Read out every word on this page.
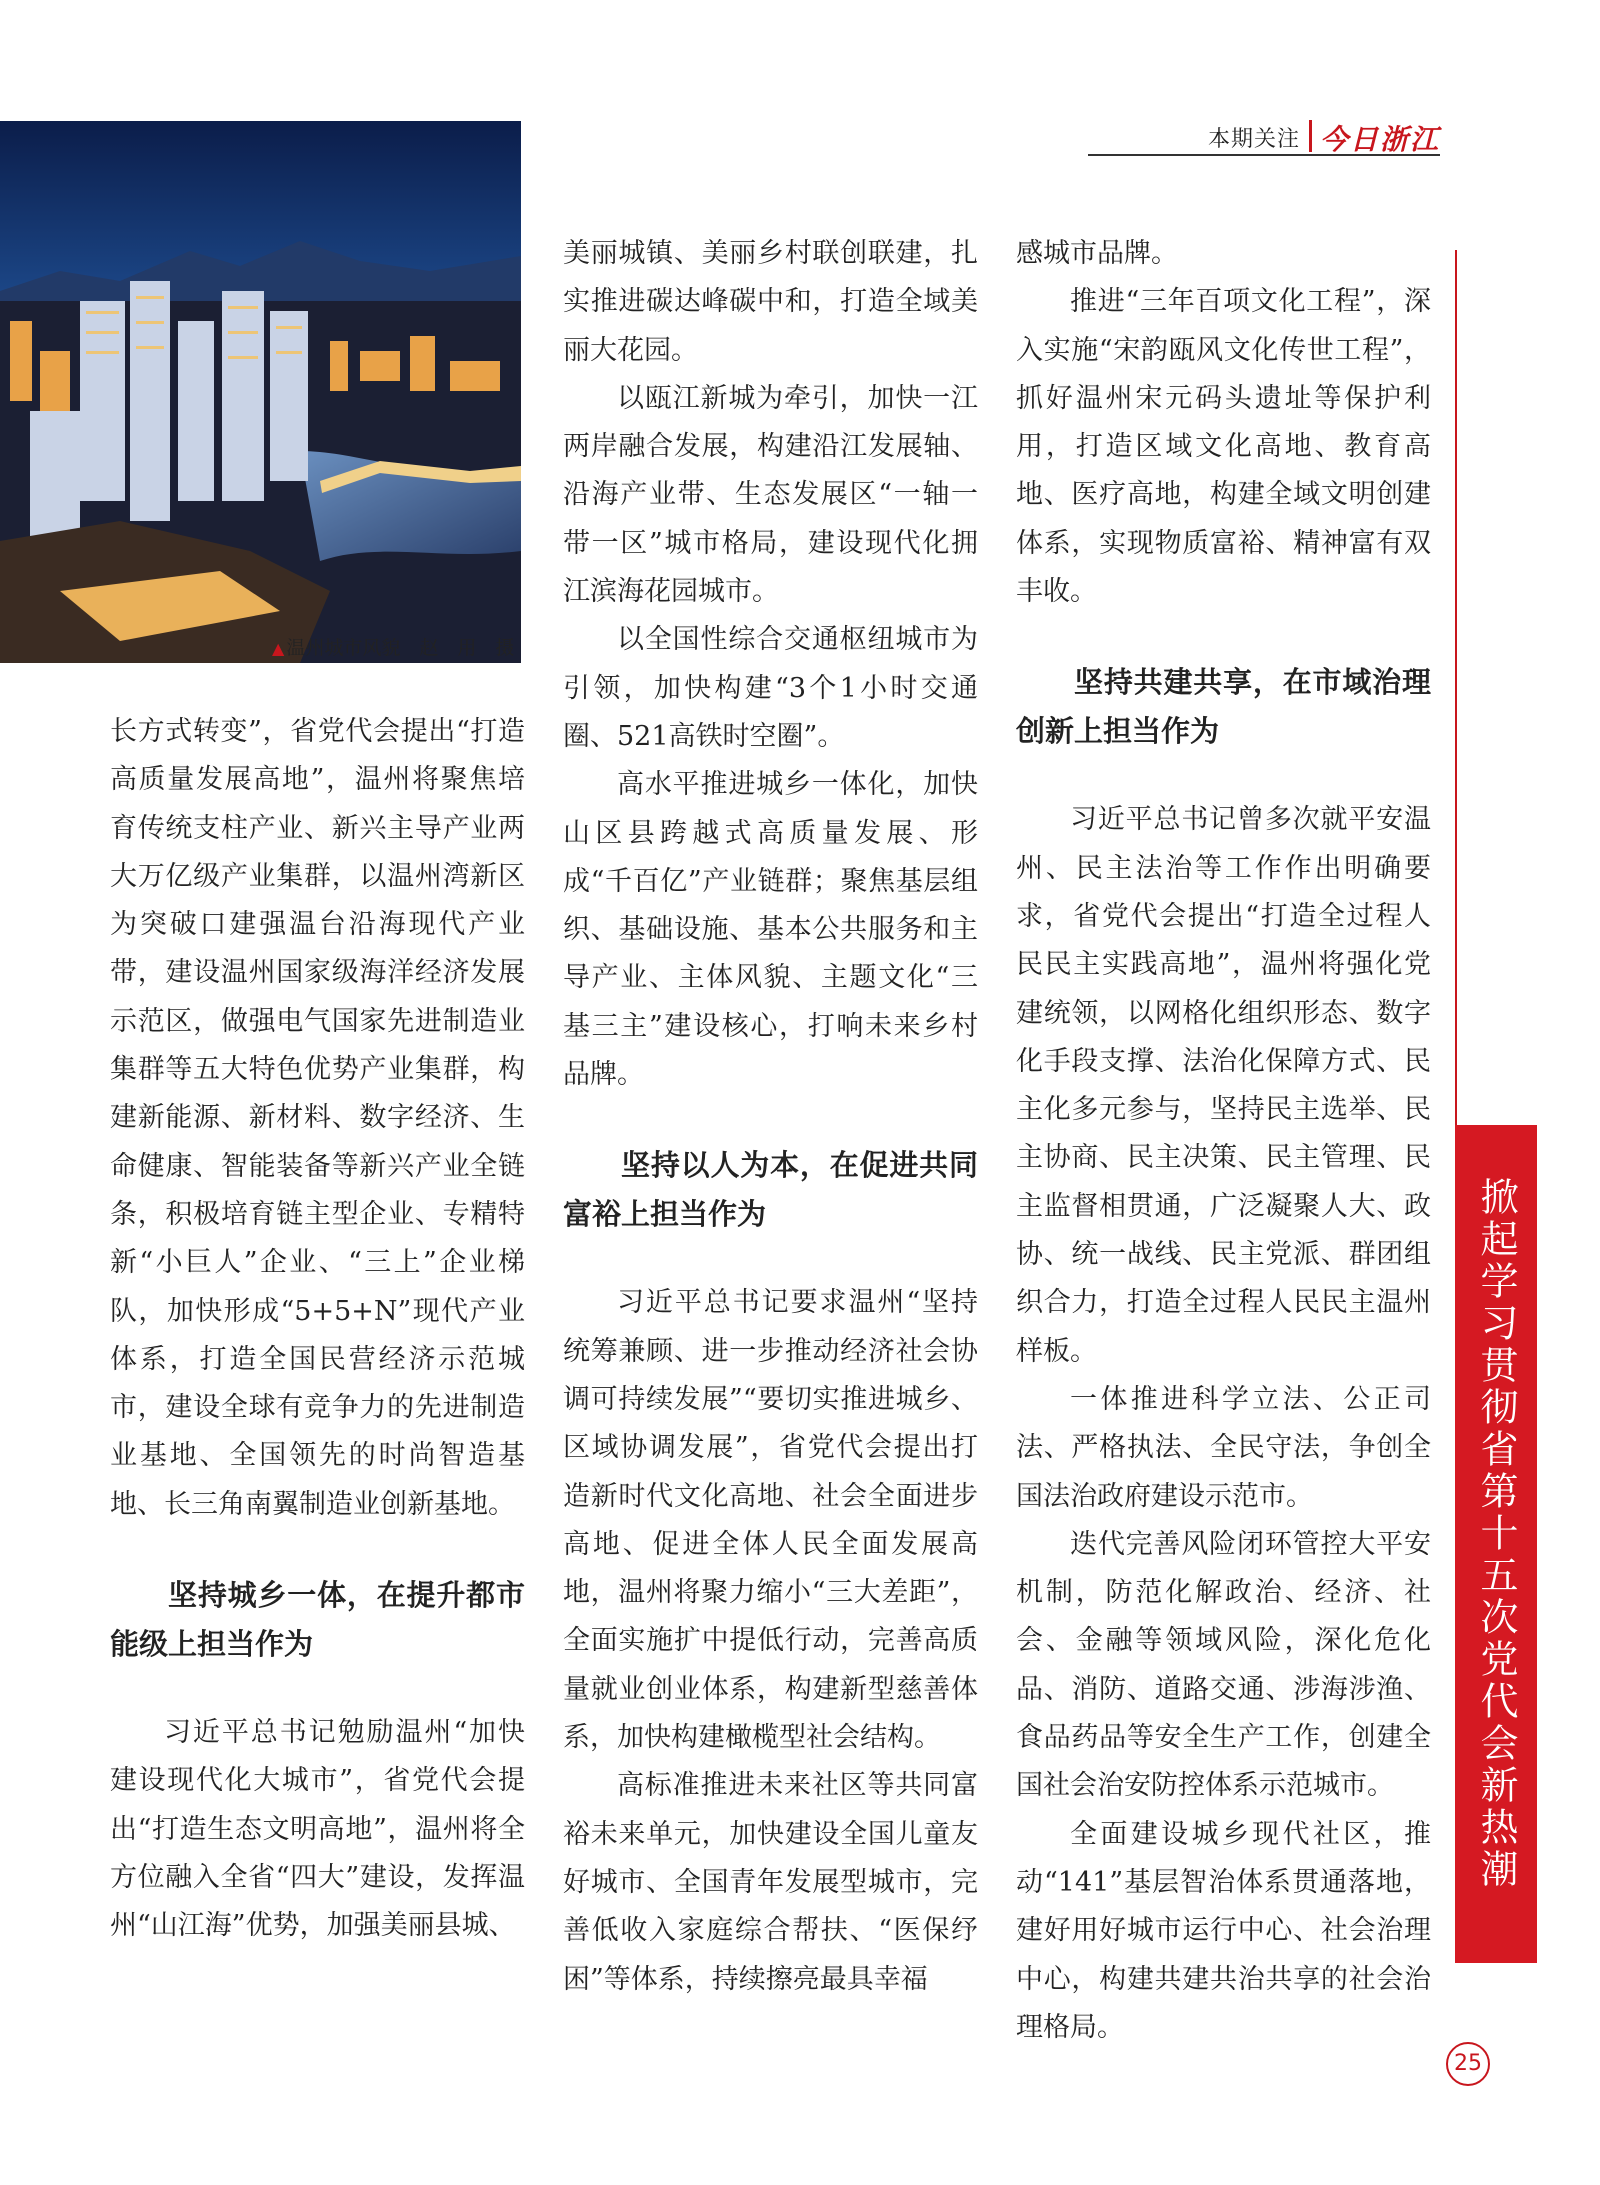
本期关注 今日浙江
▲ 温州城市风貌　赵　用　摄

长方式转变”，省党代会提出“打造高质量发展高地”，温州将聚焦培育传统支柱产业、新兴主导产业两大万亿级产业集群，以温州湾新区为突破口建强温台沿海现代产业带，建设温州国家级海洋经济发展示范区，做强电气国家先进制造业集群等五大特色优势产业集群，构建新能源、新材料、数字经济、生命健康、智能装备等新兴产业全链条，积极培育链主型企业、专精特新“小巨人”企业、“三上”企业梯队，加快形成“5+5+N”现代产业体系，打造全国民营经济示范城市，建设全球有竞争力的先进制造业基地、全国领先的时尚智造基地、长三角南翼制造业创新基地。

坚持城乡一体，在提升都市能级上担当作为

习近平总书记勉励温州“加快建设现代化大城市”，省党代会提出“打造生态文明高地”，温州将全方位融入全省“四大”建设，发挥温州“山江海”优势，加强美丽县城、

美丽城镇、美丽乡村联创联建，扎实推进碳达峰碳中和，打造全域美丽大花园。

以瓯江新城为牵引，加快一江两岸融合发展，构建沿江发展轴、沿海产业带、生态发展区“一轴一带一区”城市格局，建设现代化拥江滨海花园城市。

以全国性综合交通枢纽城市为引领，加快构建“3个1小时交通圈、521高铁时空圈”。

高水平推进城乡一体化，加快山区县跨越式高质量发展、形成“千百亿”产业链群；聚焦基层组织、基础设施、基本公共服务和主导产业、主体风貌、主题文化“三基三主”建设核心，打响未来乡村品牌。

坚持以人为本，在促进共同富裕上担当作为

习近平总书记要求温州“坚持统筹兼顾、进一步推动经济社会协调可持续发展”“要切实推进城乡、区域协调发展”，省党代会提出打造新时代文化高地、社会全面进步高地、促进全体人民全面发展高地，温州将聚力缩小“三大差距”，全面实施扩中提低行动，完善高质量就业创业体系，构建新型慈善体系，加快构建橄榄型社会结构。

高标准推进未来社区等共同富裕未来单元，加快建设全国儿童友好城市、全国青年发展型城市，完善低收入家庭综合帮扶、“医保纾困”等体系，持续擦亮最具幸福

感城市品牌。

推进“三年百项文化工程”，深入实施“宋韵瓯风文化传世工程”，抓好温州宋元码头遗址等保护利用，打造区域文化高地、教育高地、医疗高地，构建全域文明创建体系，实现物质富裕、精神富有双丰收。

坚持共建共享，在市域治理创新上担当作为

习近平总书记曾多次就平安温州、民主法治等工作作出明确要求，省党代会提出“打造全过程人民民主实践高地”，温州将强化党建统领，以网格化组织形态、数字化手段支撑、法治化保障方式、民主化多元参与，坚持民主选举、民主协商、民主决策、民主管理、民主监督相贯通，广泛凝聚人大、政协、统一战线、民主党派、群团组织合力，打造全过程人民民主温州样板。

一体推进科学立法、公正司法、严格执法、全民守法，争创全国法治政府建设示范市。

迭代完善风险闭环管控大平安机制，防范化解政治、经济、社会、金融等领域风险，深化危化品、消防、道路交通、涉海涉渔、食品药品等安全生产工作，创建全国社会治安防控体系示范城市。

全面建设城乡现代社区，推动“141”基层智治体系贯通落地，建好用好城市运行中心、社会治理中心，构建共建共治共享的社会治理格局。

掀起学习贯彻省第十五次党代会新热潮
25
